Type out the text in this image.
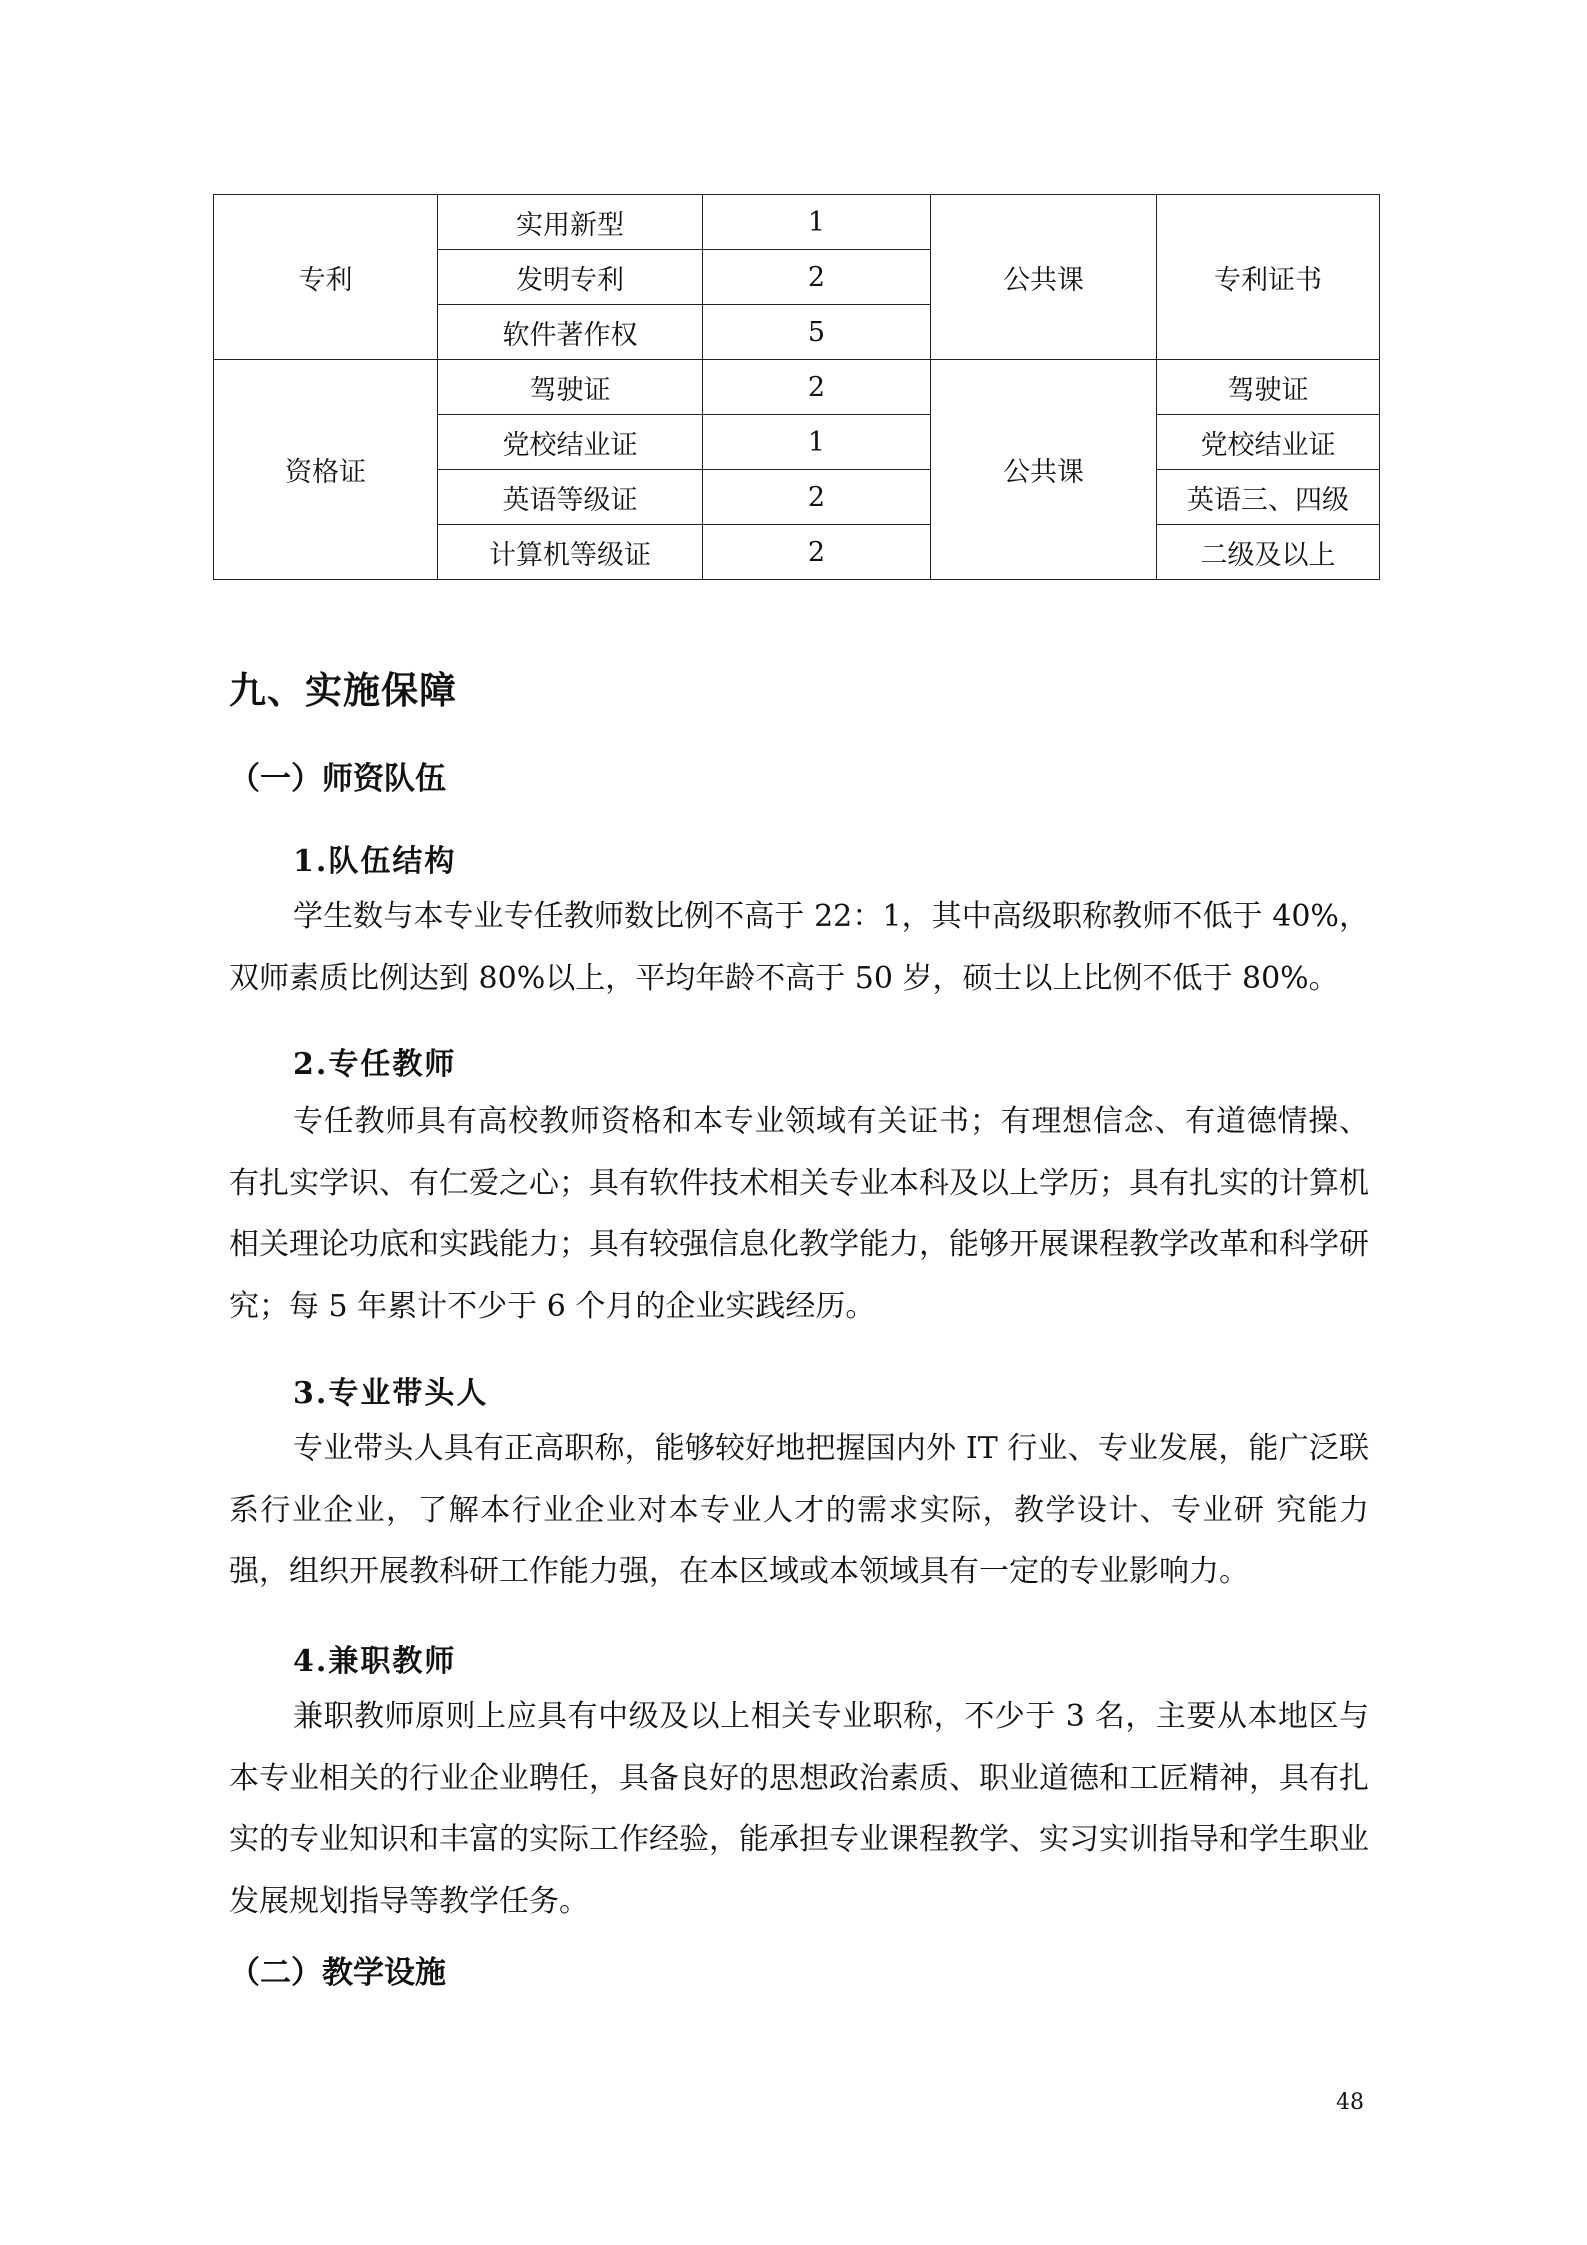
专利	实用新型	1	公共课	专利证书
	发明专利	2		
	软件著作权	5		
资格证	驾驶证	2	公共课	驾驶证
	党校结业证	1		党校结业证
	英语等级证	2		英语三、四级
	计算机等级证	2		二级及以上
九、实施保障
（一）师资队伍
1.队伍结构
学生数与本专业专任教师数比例不高于 22：1，其中高级职称教师不低于 40%，双师素质比例达到 80%以上，平均年龄不高于 50 岁，硕士以上比例不低于 80%。
2.专任教师
专任教师具有高校教师资格和本专业领域有关证书；有理想信念、有道德情操、有扎实学识、有仁爱之心；具有软件技术相关专业本科及以上学历；具有扎实的计算机相关理论功底和实践能力；具有较强信息化教学能力，能够开展课程教学改革和科学研究；每 5 年累计不少于 6 个月的企业实践经历。
3.专业带头人
专业带头人具有正高职称，能够较好地把握国内外 IT 行业、专业发展，能广泛联系行业企业，了解本行业企业对本专业人才的需求实际，教学设计、专业研 究能力强，组织开展教科研工作能力强，在本区域或本领域具有一定的专业影响力。
4.兼职教师
兼职教师原则上应具有中级及以上相关专业职称，不少于 3 名，主要从本地区与本专业相关的行业企业聘任，具备良好的思想政治素质、职业道德和工匠精神，具有扎实的专业知识和丰富的实际工作经验，能承担专业课程教学、实习实训指导和学生职业发展规划指导等教学任务。
（二）教学设施
48
